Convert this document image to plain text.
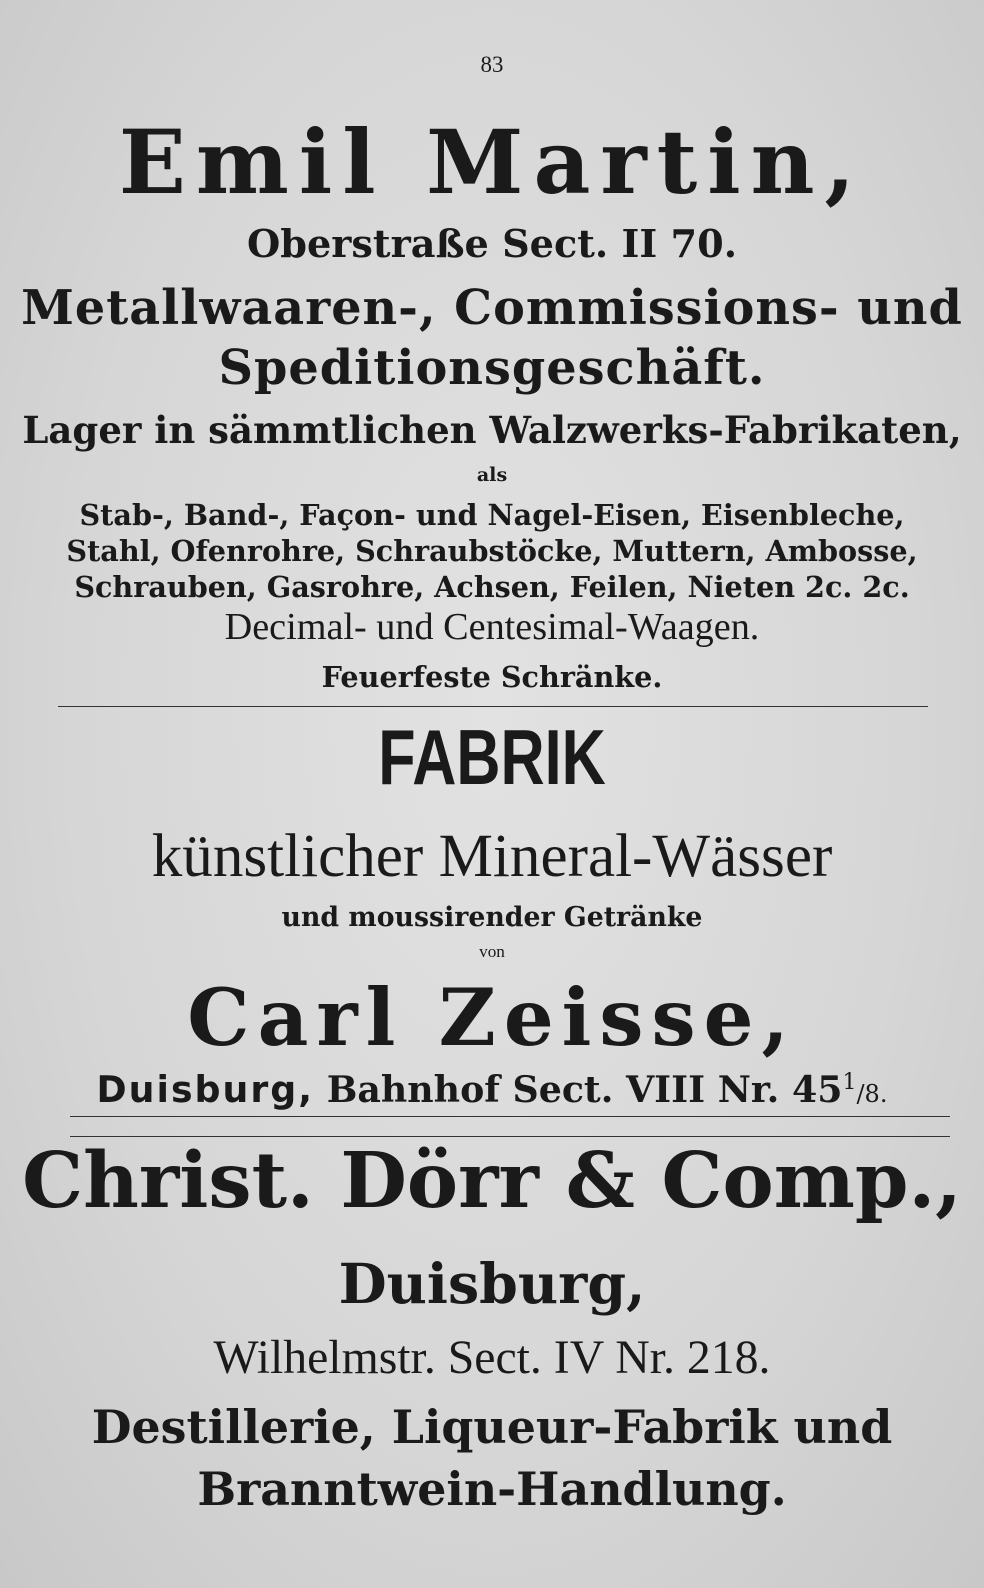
83
Emil Martin,
Oberstraße Sect. II 70.
Metallwaaren-, Commissions- und
Speditionsgeschäft.
Lager in sämmtlichen Walzwerks-Fabrikaten,
als
Stab-, Band-, Façon- und Nagel-Eisen, Eisenbleche,
Stahl, Ofenrohre, Schraubstöcke, Muttern, Ambosse,
Schrauben, Gasrohre, Achsen, Feilen, Nieten 2c. 2c.
Decimal- und Centesimal-Waagen.
Feuerfeste Schränke.
FABRIK
künstlicher Mineral-Wässer
und moussirender Getränke
von
Carl Zeisse,
Duisburg, Bahnhof Sect. VIII Nr. $45^1/8$.
Christ. Dörr & Comp.,
Duisburg,
Wilhelmstr. Sect. IV Nr. 218.
Destillerie, Liqueur-Fabrik und
Branntwein-Handlung.
